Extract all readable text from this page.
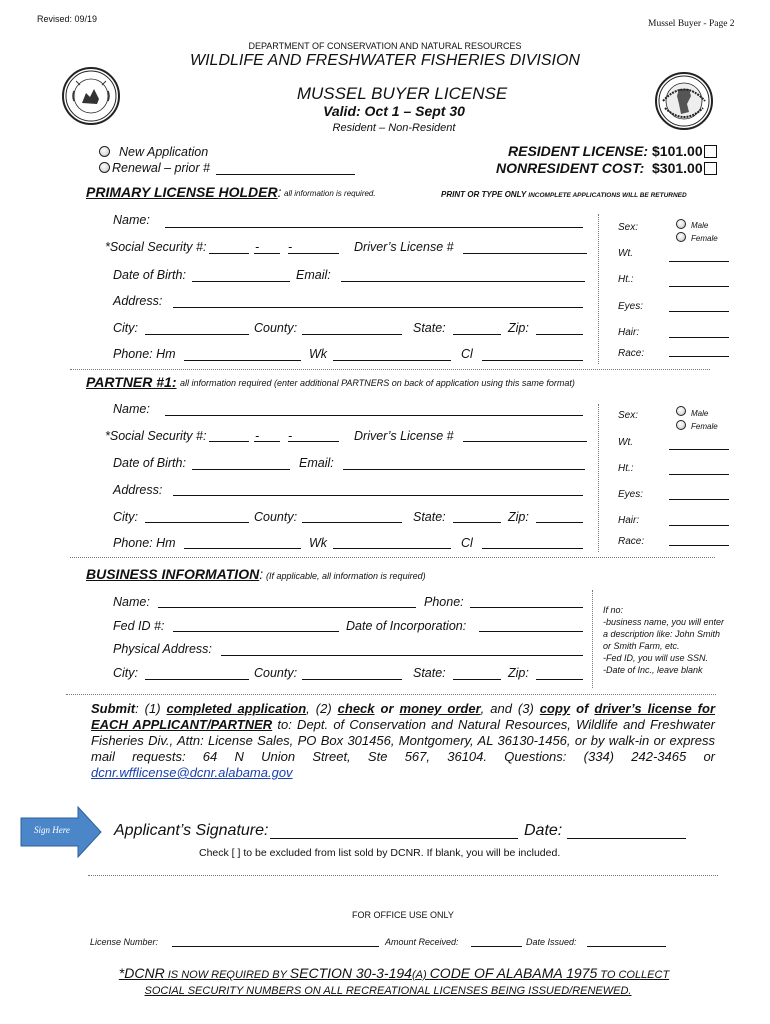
Revised: 09/19	Mussel Buyer - Page 2
DEPARTMENT OF CONSERVATION AND NATURAL RESOURCES
WILDLIFE AND FRESHWATER FISHERIES DIVISION
MUSSEL BUYER LICENSE
Valid: Oct 1 – Sept 30
Resident – Non-Resident
New Application
Renewal – prior #
RESIDENT LICENSE: $101.00
NONRESIDENT COST: $301.00
PRIMARY LICENSE HOLDER: all information is required.	PRINT OR TYPE ONLY INCOMPLETE APPLICATIONS WILL BE RETURNED
Name:
*Social Security #:	- -	Driver’s License #
Date of Birth:	Email:
Address:
City:	County:	State:	Zip:
Phone: Hm	Wk	Cl
Sex:	Male
Female
Wt.
Ht.:
Eyes:
Hair:
Race:
PARTNER #1: all information required (enter additional PARTNERS on back of application using this same format)
Name:
*Social Security #:	- -	Driver’s License #
Date of Birth:	Email:
Address:
City:	County:	State:	Zip:
Phone: Hm	Wk	Cl
Sex:	Male
Female
Wt.
Ht.:
Eyes:
Hair:
Race:
BUSINESS INFORMATION: (If applicable, all information is required)
Name:	Phone:
Fed ID #:	Date of Incorporation:
Physical Address:
City:	County:	State:	Zip:
If no:
-business name, you will enter
a description like: John Smith
or Smith Farm, etc.
-Fed ID, you will use SSN.
-Date of Inc., leave blank
Submit: (1) completed application, (2) check or money order, and (3) copy of driver’s license for EACH APPLICANT/PARTNER to: Dept. of Conservation and Natural Resources, Wildlife and Freshwater Fisheries Div., Attn: License Sales, PO Box 301456, Montgomery, AL 36130-1456, or by walk-in or express mail requests: 64 N Union Street, Ste 567, 36104. Questions: (334) 242-3465 or dcnr.wfflicense@dcnr.alabama.gov
Sign Here	Applicant’s Signature:	Date:
Check [ ] to be excluded from list sold by DCNR. If blank, you will be included.
FOR OFFICE USE ONLY
License Number:	Amount Received:	Date Issued:
*DCNR IS NOW REQUIRED BY SECTION 30-3-194(A) CODE OF ALABAMA 1975 TO COLLECT
SOCIAL SECURITY NUMBERS ON ALL RECREATIONAL LICENSES BEING ISSUED/RENEWED.
